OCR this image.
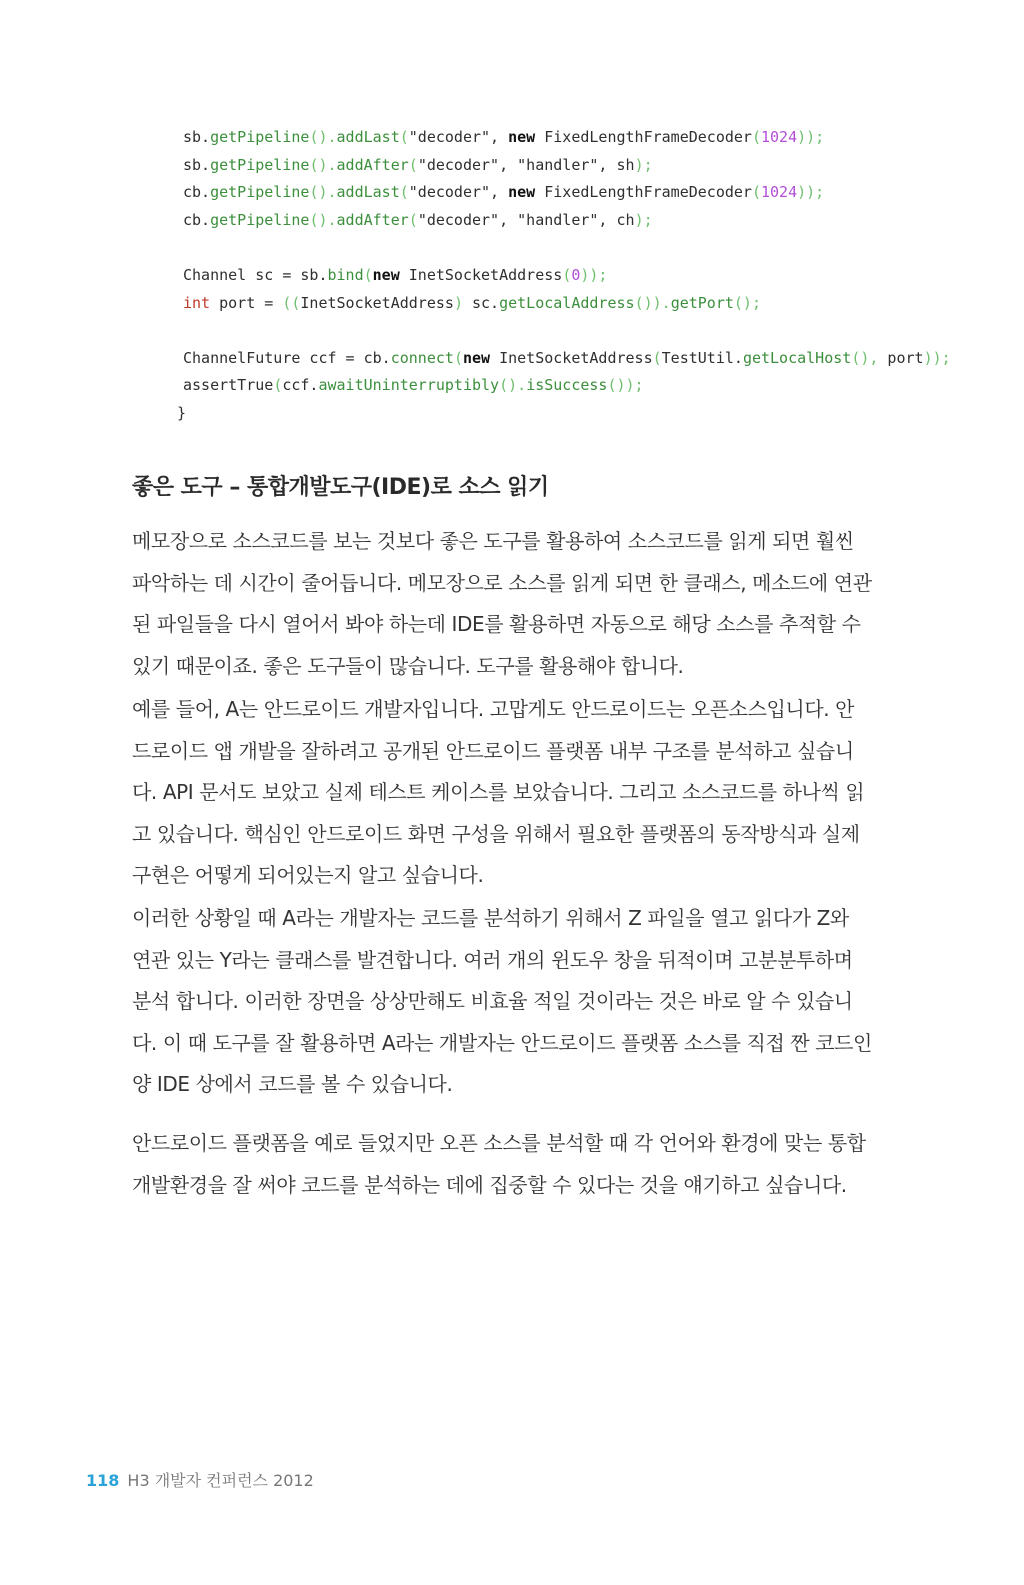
sb.getPipeline().addLast("decoder", new FixedLengthFrameDecoder(1024));
sb.getPipeline().addAfter("decoder", "handler", sh);
cb.getPipeline().addLast("decoder", new FixedLengthFrameDecoder(1024));
cb.getPipeline().addAfter("decoder", "handler", ch);
Channel sc = sb.bind(new InetSocketAddress(0));
int port = ((InetSocketAddress) sc.getLocalAddress()).getPort();
ChannelFuture ccf = cb.connect(new InetSocketAddress(TestUtil.getLocalHost(), port));
assertTrue(ccf.awaitUninterruptibly().isSuccess());
}
좋은 도구 – 통합개발도구(IDE)로 소스 읽기

메모장으로 소스코드를 보는 것보다 좋은 도구를 활용하여 소스코드를 읽게 되면 훨씬 파악하는 데 시간이 줄어듭니다. 메모장으로 소스를 읽게 되면 한 클래스, 메소드에 연관된 파일들을 다시 열어서 봐야 하는데 IDE를 활용하면 자동으로 해당 소스를 추적할 수 있기 때문이죠. 좋은 도구들이 많습니다. 도구를 활용해야 합니다.

예를 들어, A는 안드로이드 개발자입니다. 고맙게도 안드로이드는 오픈소스입니다. 안드로이드 앱 개발을 잘하려고 공개된 안드로이드 플랫폼 내부 구조를 분석하고 싶습니다. API 문서도 보았고 실제 테스트 케이스를 보았습니다. 그리고 소스코드를 하나씩 읽고 있습니다. 핵심인 안드로이드 화면 구성을 위해서 필요한 플랫폼의 동작방식과 실제 구현은 어떻게 되어있는지 알고 싶습니다.

이러한 상황일 때 A라는 개발자는 코드를 분석하기 위해서 Z 파일을 열고 읽다가 Z와 연관 있는 Y라는 클래스를 발견합니다. 여러 개의 윈도우 창을 뒤적이며 고분분투하며 분석 합니다. 이러한 장면을 상상만해도 비효율 적일 것이라는 것은 바로 알 수 있습니다. 이 때 도구를 잘 활용하면 A라는 개발자는 안드로이드 플랫폼 소스를 직접 짠 코드인양 IDE 상에서 코드를 볼 수 있습니다.

안드로이드 플랫폼을 예로 들었지만 오픈 소스를 분석할 때 각 언어와 환경에 맞는 통합 개발환경을 잘 써야 코드를 분석하는 데에 집중할 수 있다는 것을 얘기하고 싶습니다.

118 H3 개발자 컨퍼런스 2012
